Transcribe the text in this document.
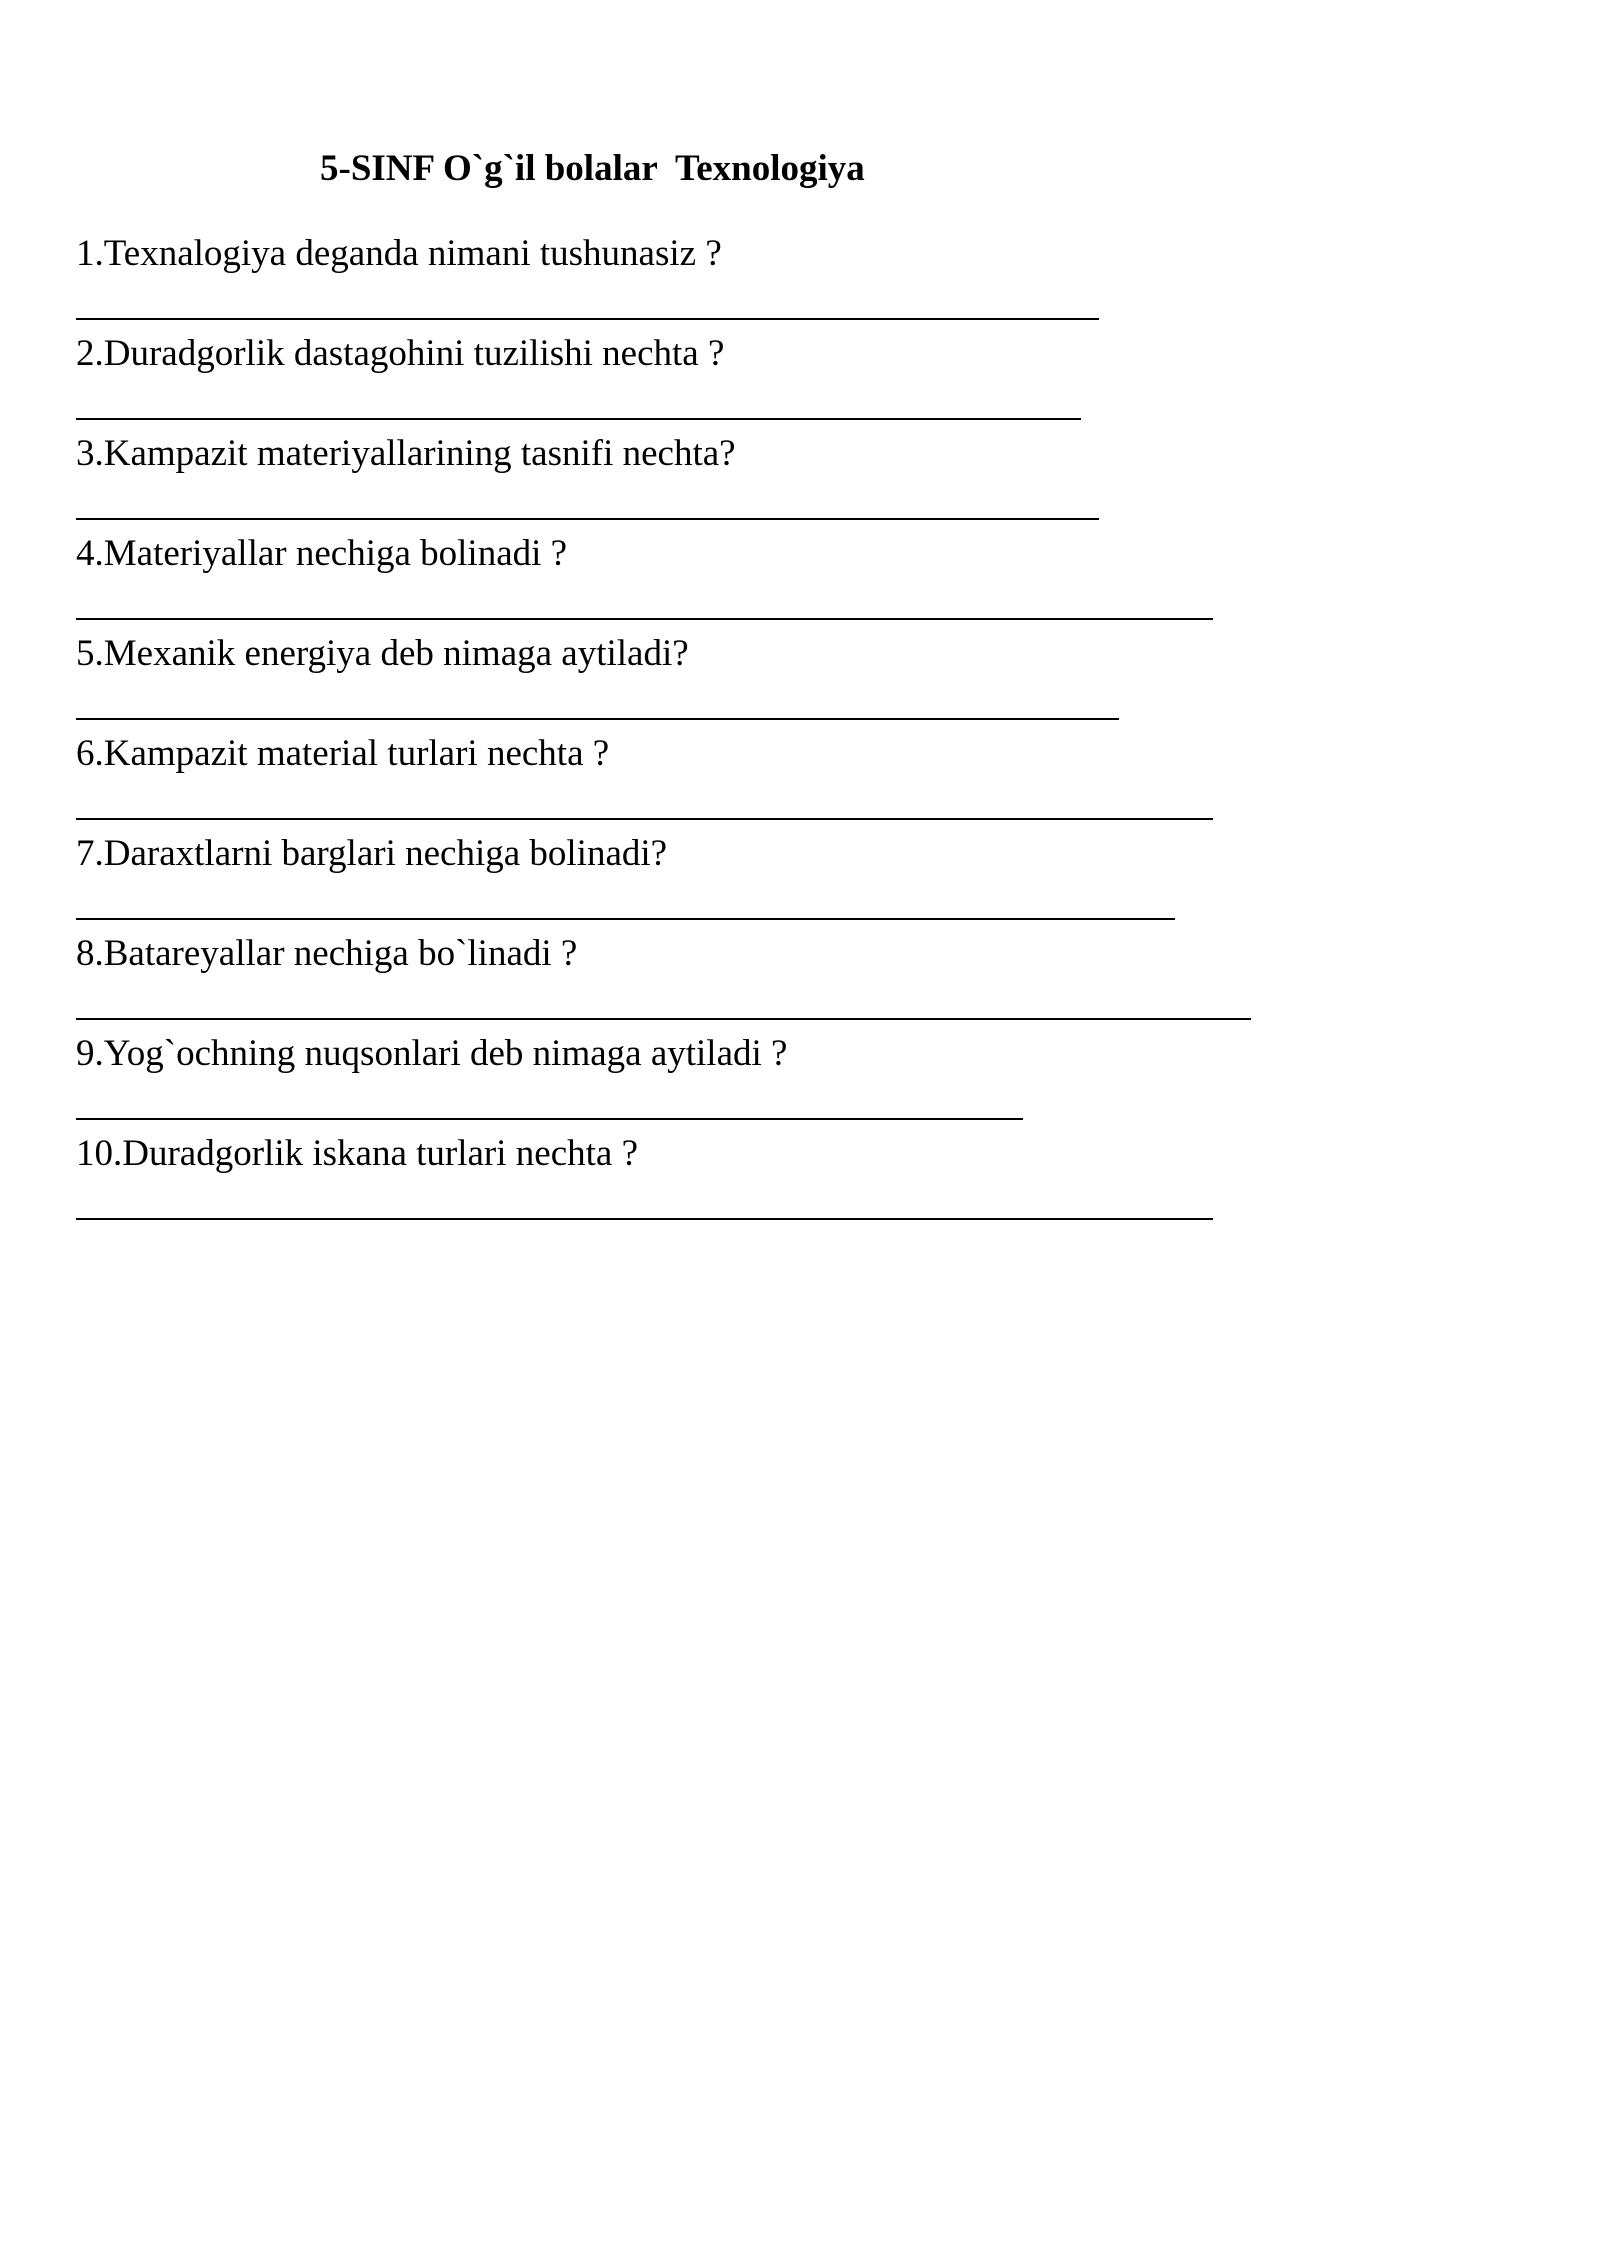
5-SINF O`g`il bolalar  Texnologiya
1.Texnalogiya deganda nimani tushunasiz ?
2.Duradgorlik dastagohini tuzilishi nechta ?
3.Kampazit materiyallarining tasnifi nechta?
4.Materiyallar nechiga bolinadi ?
5.Mexanik energiya deb nimaga aytiladi?
6.Kampazit material turlari nechta ?
7.Daraxtlarni barglari nechiga bolinadi?
8.Batareyallar nechiga bo`linadi ?
9.Yog`ochning nuqsonlari deb nimaga aytiladi ?
10.Duradgorlik iskana turlari nechta ?
